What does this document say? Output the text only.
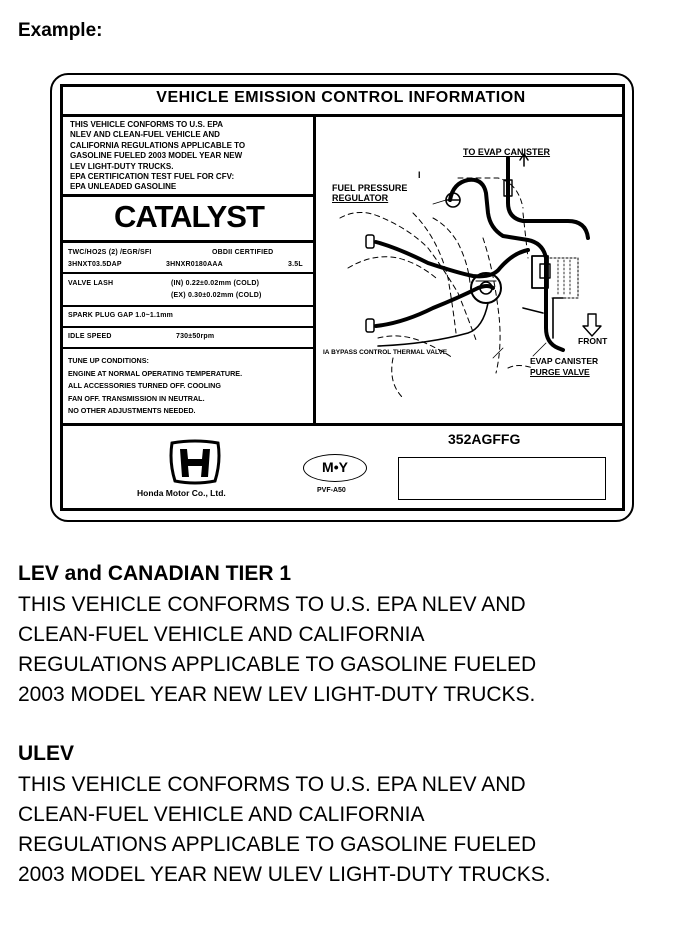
Example:
VEHICLE EMISSION CONTROL INFORMATION
THIS VEHICLE CONFORMS TO U.S. EPA
NLEV AND CLEAN-FUEL VEHICLE AND
CALIFORNIA REGULATIONS APPLICABLE TO
GASOLINE FUELED 2003 MODEL YEAR NEW
LEV LIGHT-DUTY TRUCKS.
EPA CERTIFICATION TEST FUEL FOR CFV:
EPA UNLEADED GASOLINE
CATALYST
TWC/HO2S (2) /EGR/SFI	OBDII CERTIFIED
3HNXT03.5DAP	3HNXR0180AAA	3.5L
VALVE LASH	(IN) 0.22±0.02mm (COLD)
(EX) 0.30±0.02mm (COLD)
SPARK PLUG GAP 1.0~1.1mm
IDLE SPEED	730±50rpm
TUNE UP CONDITIONS:
ENGINE AT NORMAL OPERATING TEMPERATURE.
ALL ACCESSORIES TURNED OFF. COOLING
FAN OFF. TRANSMISSION IN NEUTRAL.
NO OTHER ADJUSTMENTS NEEDED.
I
TO EVAP CANISTER
FUEL PRESSURE
REGULATOR
IA BYPASS CONTROL THERMAL VALVE
EVAP CANISTER
PURGE VALVE
FRONT
352AGFFG
Honda Motor Co., Ltd.
M•Y
PVF-A50
LEV and CANADIAN TIER 1
THIS VEHICLE CONFORMS TO U.S. EPA NLEV AND
CLEAN-FUEL VEHICLE AND CALIFORNIA
REGULATIONS APPLICABLE TO GASOLINE FUELED
2003 MODEL YEAR NEW LEV LIGHT-DUTY TRUCKS.
ULEV
THIS VEHICLE CONFORMS TO U.S. EPA NLEV AND
CLEAN-FUEL VEHICLE AND CALIFORNIA
REGULATIONS APPLICABLE TO GASOLINE FUELED
2003 MODEL YEAR NEW ULEV LIGHT-DUTY TRUCKS.
